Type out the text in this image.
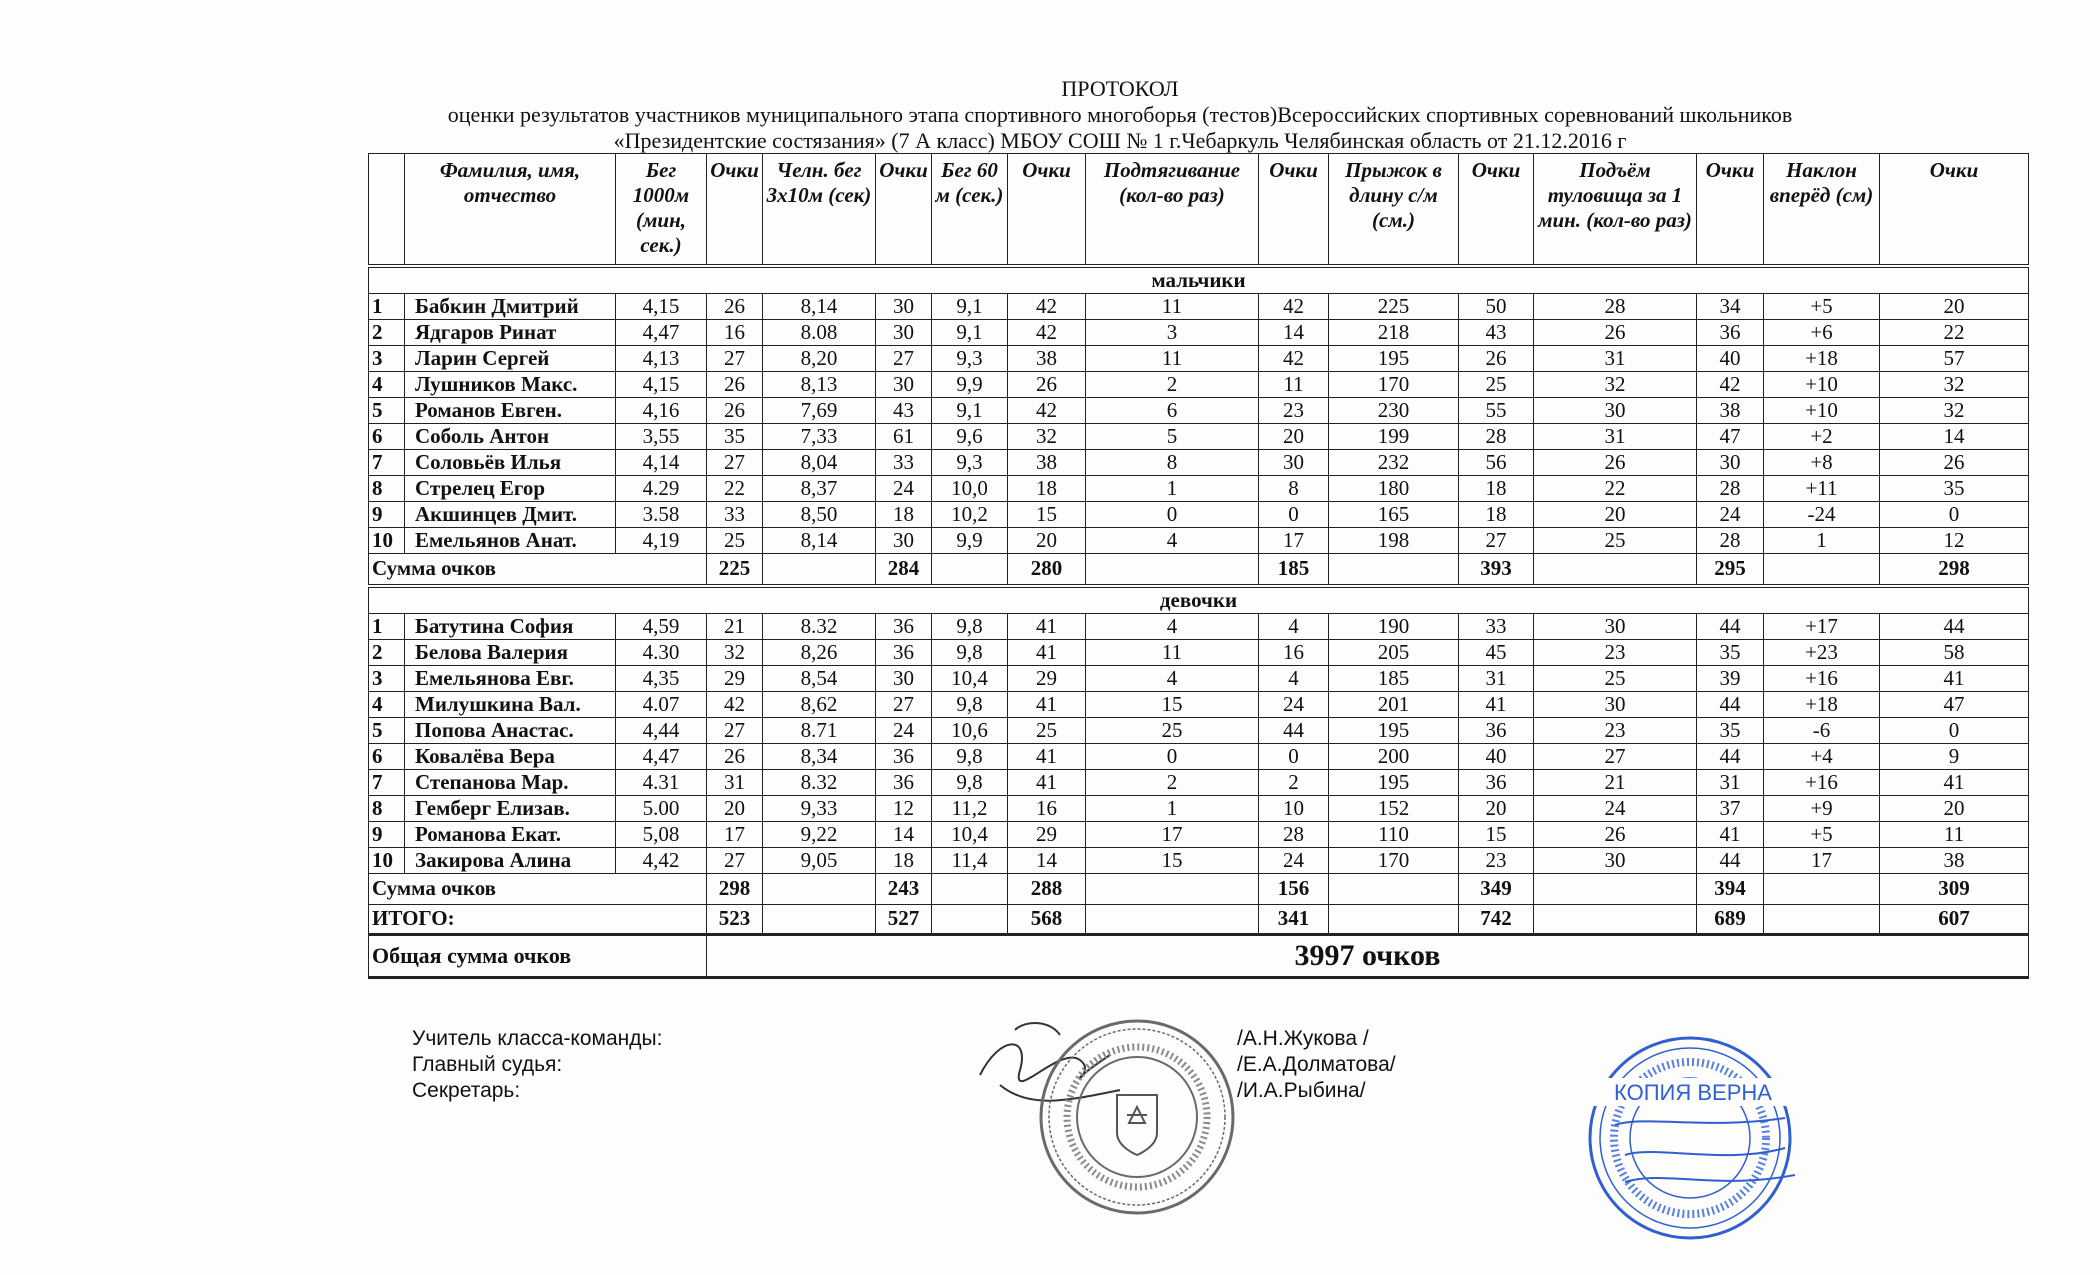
ПРОТОКОЛ
оценки результатов участников муниципального этапа спортивного многоборья (тестов)Всероссийских спортивных соревнований школьников
«Президентские состязания» (7 А класс) МБОУ СОШ № 1 г.Чебаркуль Челябинская область от 21.12.2016 г
	Фамилия, имя, отчество	Бег 1000м (мин, сек.)	Очки	Челн. бег 3x10м (сек)	Очки	Бег 60 м (сек.)	Очки	Подтягивание (кол-во раз)	Очки	Прыжок в длину с/м (см.)	Очки	Подъём туловища за 1 мин. (кол-во раз)	Очки	Наклон вперёд (см)	Очки
мальчики															
1	Бабкин Дмитрий	4,15	26	8,14	30	9,1	42	11	42	225	50	28	34	+5	20
2	Ядгаров Ринат	4,47	16	8.08	30	9,1	42	3	14	218	43	26	36	+6	22
3	Ларин Сергей	4,13	27	8,20	27	9,3	38	11	42	195	26	31	40	+18	57
4	Лушников Макс.	4,15	26	8,13	30	9,9	26	2	11	170	25	32	42	+10	32
5	Романов Евген.	4,16	26	7,69	43	9,1	42	6	23	230	55	30	38	+10	32
6	Соболь Антон	3,55	35	7,33	61	9,6	32	5	20	199	28	31	47	+2	14
7	Соловьёв Илья	4,14	27	8,04	33	9,3	38	8	30	232	56	26	30	+8	26
8	Стрелец Егор	4.29	22	8,37	24	10,0	18	1	8	180	18	22	28	+11	35
9	Акшинцев Дмит.	3.58	33	8,50	18	10,2	15	0	0	165	18	20	24	-24	0
10	Емельянов Анат.	4,19	25	8,14	30	9,9	20	4	17	198	27	25	28	1	12
Сумма очков			225		284		280		185		393		295		298
девочки															
1	Батутина София	4,59	21	8.32	36	9,8	41	4	4	190	33	30	44	+17	44
2	Белова Валерия	4.30	32	8,26	36	9,8	41	11	16	205	45	23	35	+23	58
3	Емельянова Евг.	4,35	29	8,54	30	10,4	29	4	4	185	31	25	39	+16	41
4	Милушкина Вал.	4.07	42	8,62	27	9,8	41	15	24	201	41	30	44	+18	47
5	Попова Анастас.	4,44	27	8.71	24	10,6	25	25	44	195	36	23	35	-6	0
6	Ковалёва Вера	4,47	26	8,34	36	9,8	41	0	0	200	40	27	44	+4	9
7	Степанова Мар.	4.31	31	8.32	36	9,8	41	2	2	195	36	21	31	+16	41
8	Гемберг Елизав.	5.00	20	9,33	12	11,2	16	1	10	152	20	24	37	+9	20
9	Романова Екат.	5,08	17	9,22	14	10,4	29	17	28	110	15	26	41	+5	11
10	Закирова Алина	4,42	27	9,05	18	11,4	14	15	24	170	23	30	44	17	38
Сумма очков			298		243		288		156		349		394		309
ИТОГО:			523		527		568		341		742		689		607
Общая сумма очков			3997 очков												
Учитель класса-команды:
Главный судья:
Секретарь:
/А.Н.Жукова /
/Е.А.Долматова/
/И.А.Рыбина/	КОПИЯ ВЕРНА
